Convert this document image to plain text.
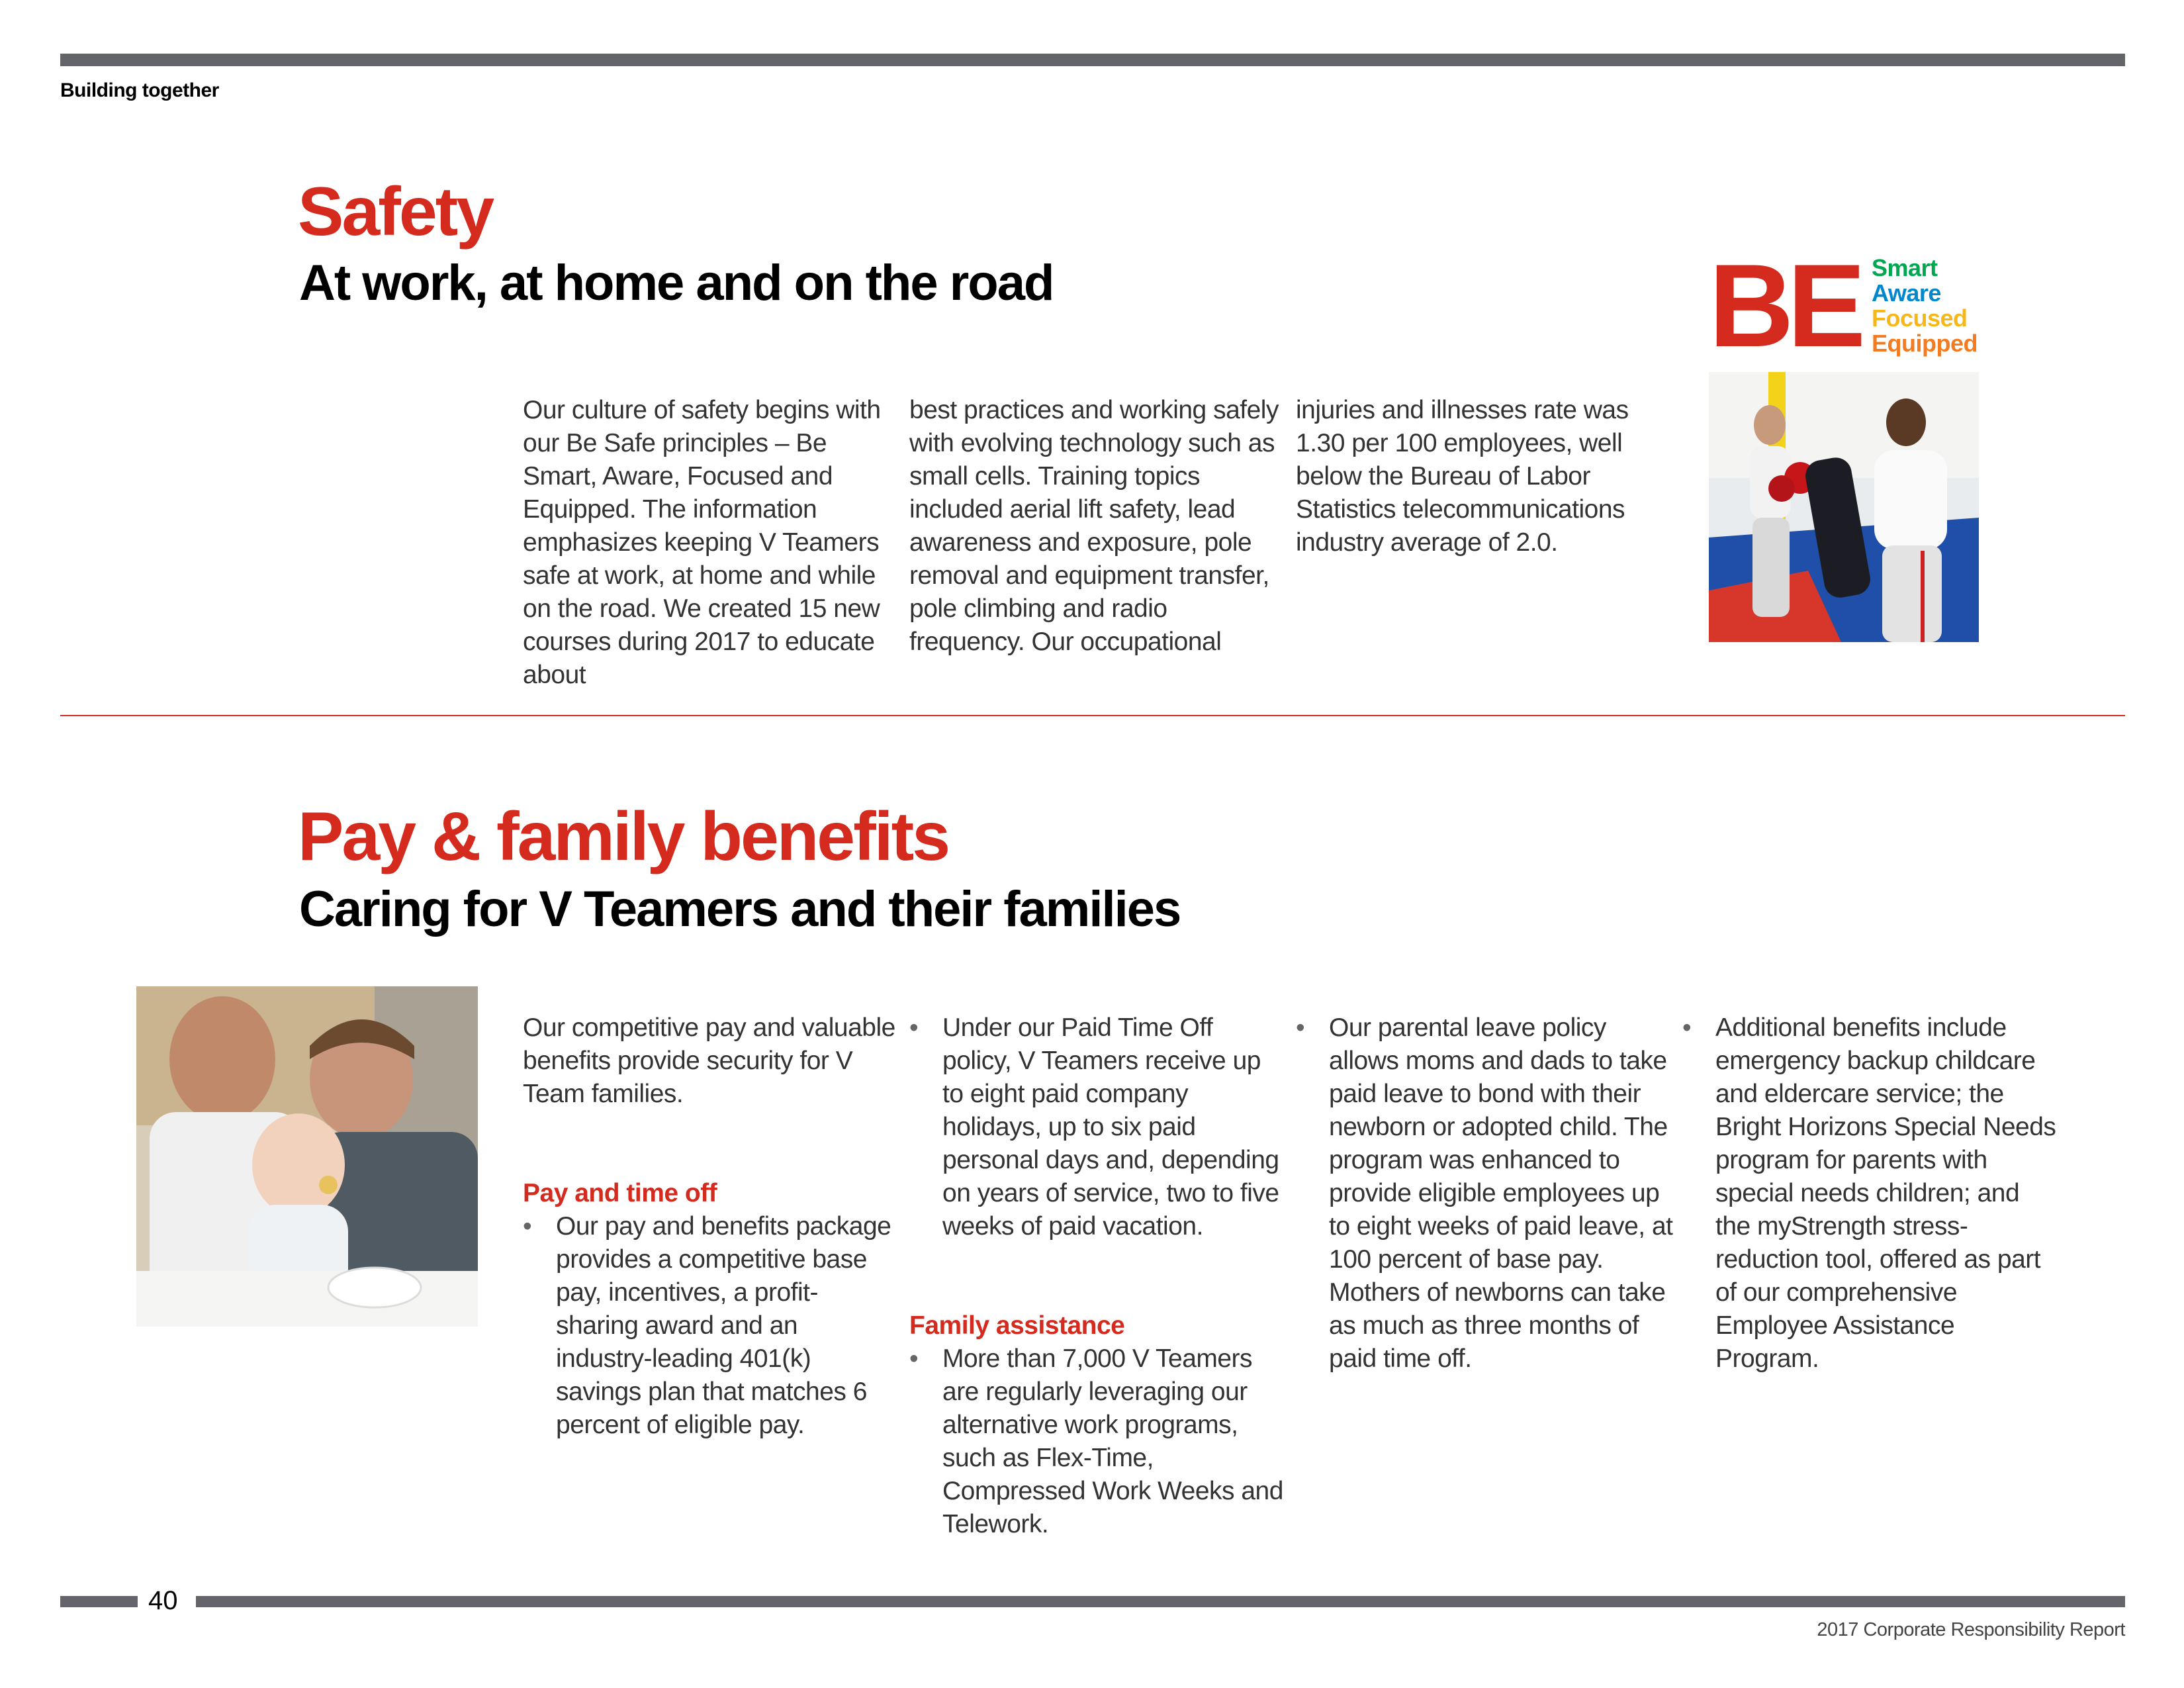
Building together
Safety
At work, at home and on the road

Our culture of safety begins with our Be Safe principles – Be Smart, Aware, Focused and Equipped. The information emphasizes keeping V Teamers safe at work, at home and while on the road. We created 15 new courses during 2017 to educate about

best practices and working safely with evolving technology such as small cells. Training topics included aerial lift safety, lead awareness and exposure, pole removal and equipment transfer, pole climbing and radio frequency. Our occupational

injuries and illnesses rate was 1.30 per 100 employees, well below the Bureau of Labor Statistics telecommunications industry average of 2.0.

BE Smart
Aware
Focused
Equipped
Pay & family benefits
Caring for V Teamers and their families

Our competitive pay and valuable benefits provide security for V Team families.

Pay and time off

• Our pay and benefits package provides a competitive base pay, incentives, a profit-sharing award and an industry-leading 401(k) savings plan that matches 6 percent of eligible pay.

• Under our Paid Time Off policy, V Teamers receive up to eight paid company holidays, up to six paid personal days and, depending on years of service, two to five weeks of paid vacation.

Family assistance

• More than 7,000 V Teamers are regularly leveraging our alternative work programs, such as Flex-Time, Compressed Work Weeks and Telework.

• Our parental leave policy allows moms and dads to take paid leave to bond with their newborn or adopted child. The program was enhanced to provide eligible employees up to eight weeks of paid leave, at 100 percent of base pay. Mothers of newborns can take as much as three months of paid time off.

• Additional benefits include emergency backup childcare and eldercare service; the Bright Horizons Special Needs program for parents with special needs children; and the myStrength stress-reduction tool, offered as part of our comprehensive Employee Assistance Program.

40
2017 Corporate Responsibility Report
